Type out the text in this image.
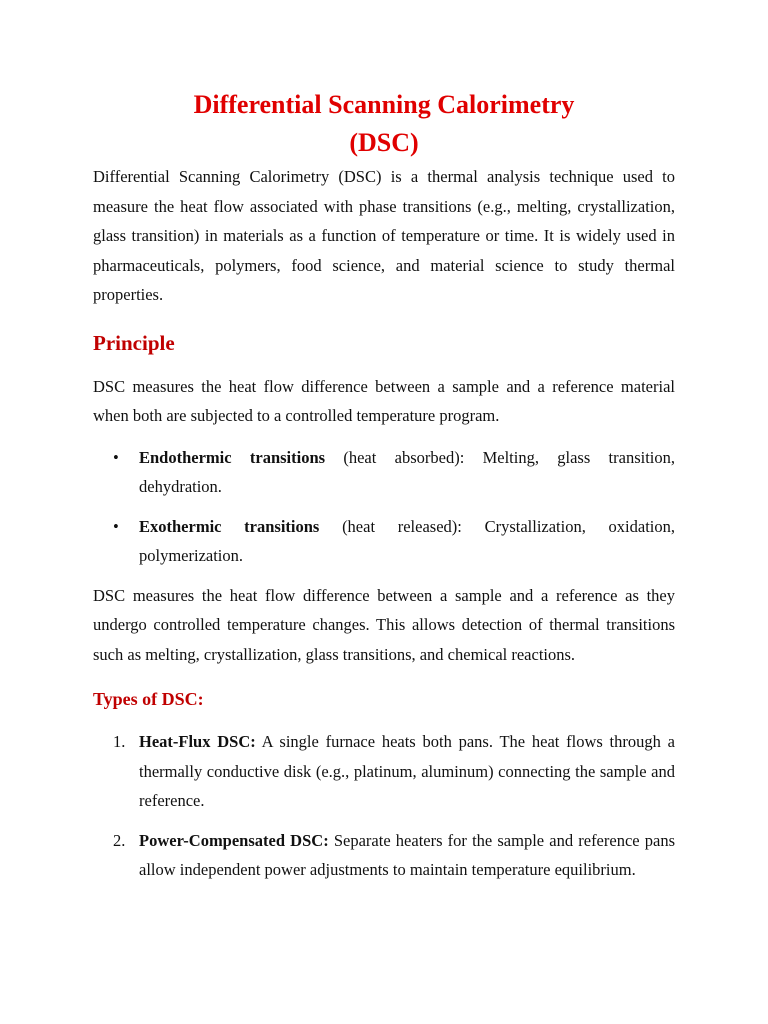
Differential Scanning Calorimetry
(DSC)

Differential Scanning Calorimetry (DSC) is a thermal analysis technique used to measure the heat flow associated with phase transitions (e.g., melting, crystallization, glass transition) in materials as a function of temperature or time. It is widely used in pharmaceuticals, polymers, food science, and material science to study thermal properties.

Principle

DSC measures the heat flow difference between a sample and a reference material when both are subjected to a controlled temperature program.

•	Endothermic transitions (heat absorbed): Melting, glass transition, dehydration.
•	Exothermic transitions (heat released): Crystallization, oxidation, polymerization.

DSC measures the heat flow difference between a sample and a reference as they undergo controlled temperature changes. This allows detection of thermal transitions such as melting, crystallization, glass transitions, and chemical reactions.

Types of DSC:
1. Heat-Flux DSC: A single furnace heats both pans. The heat flows through a thermally conductive disk (e.g., platinum, aluminum) connecting the sample and reference.
2. Power-Compensated DSC: Separate heaters for the sample and reference pans allow independent power adjustments to maintain temperature equilibrium.
